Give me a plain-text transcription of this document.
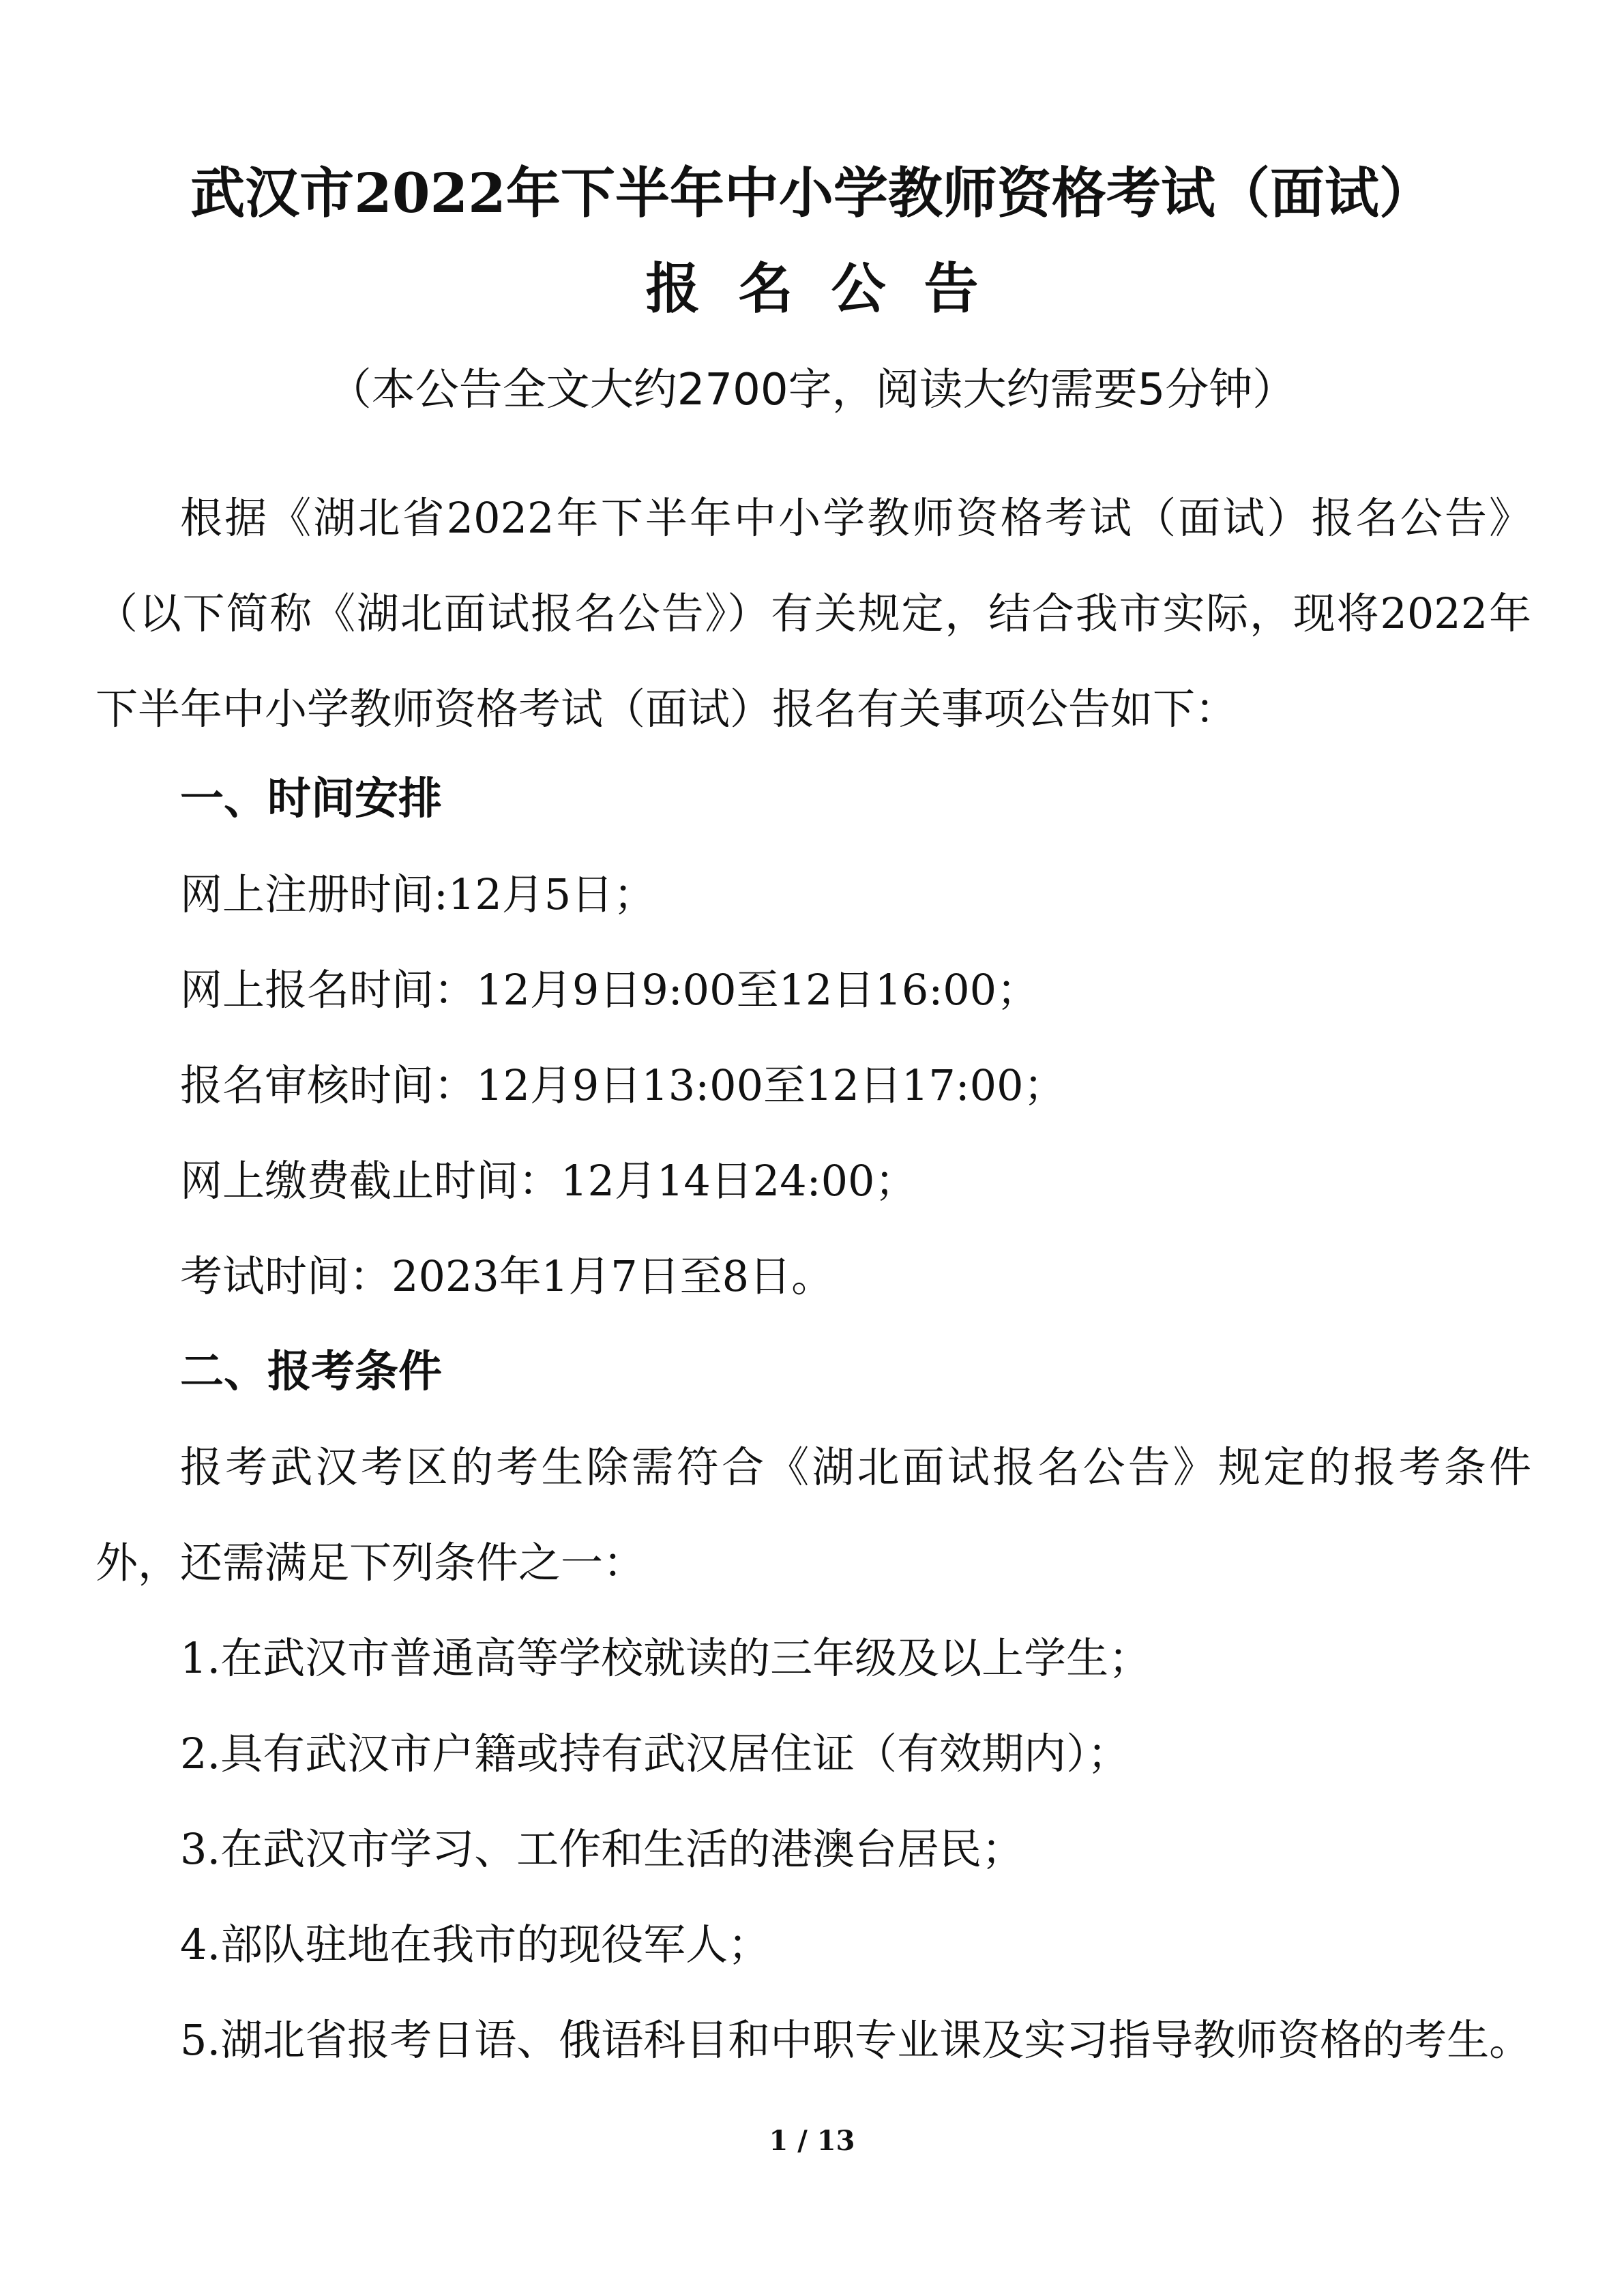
武汉市2022年下半年中小学教师资格考试（面试）
报名公告
（本公告全文大约2700字，阅读大约需要5分钟）
根据《湖北省2022年下半年中小学教师资格考试（面试）报名公告》（以下简称《湖北面试报名公告》）有关规定，结合我市实际，现将2022年下半年中小学教师资格考试（面试）报名有关事项公告如下：
一、时间安排
网上注册时间:12月5日；
网上报名时间：12月9日9:00至12日16:00；
报名审核时间：12月9日13:00至12日17:00；
网上缴费截止时间：12月14日24:00；
考试时间：2023年1月7日至8日。
二、报考条件
报考武汉考区的考生除需符合《湖北面试报名公告》规定的报考条件外，还需满足下列条件之一：
1.在武汉市普通高等学校就读的三年级及以上学生；
2.具有武汉市户籍或持有武汉居住证（有效期内）；
3.在武汉市学习、工作和生活的港澳台居民；
4.部队驻地在我市的现役军人；
5.湖北省报考日语、俄语科目和中职专业课及实习指导教师资格的考生。
1 / 13
